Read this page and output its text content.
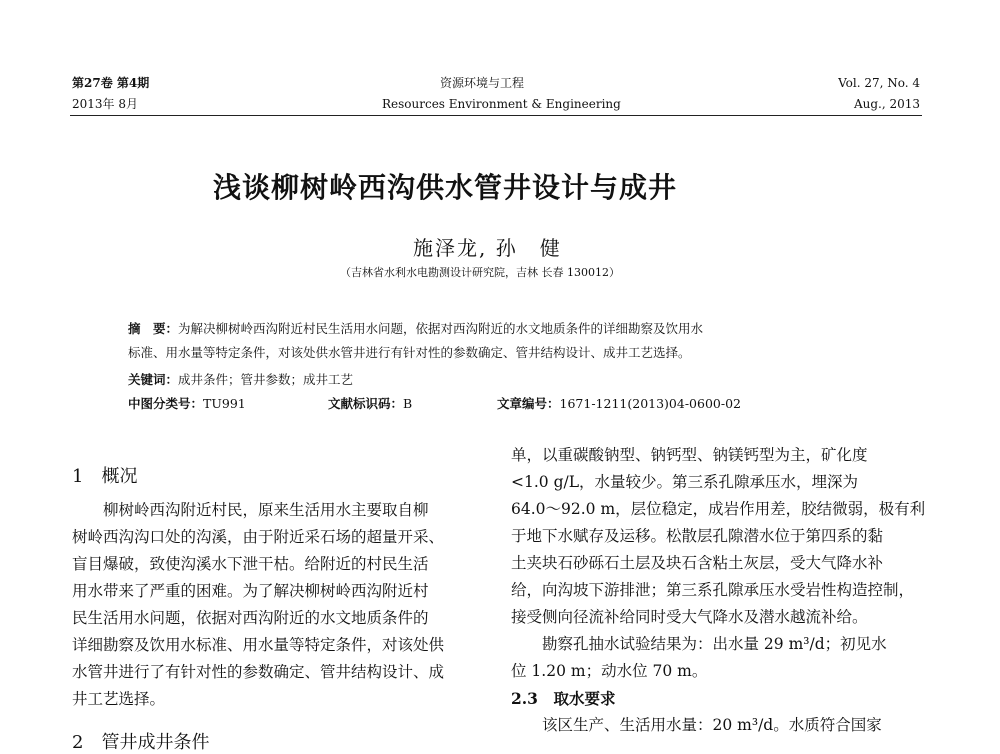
第27卷 第4期
2013年 8月
资源环境与工程
Resources Environment & Engineering
Vol. 27, No. 4
Aug., 2013
浅谈柳树岭西沟供水管井设计与成井
施泽龙, 孙　健
（吉林省水利水电勘测设计研究院，吉林 长春 130012）
摘　要：为解决柳树岭西沟附近村民生活用水问题，依据对西沟附近的水文地质条件的详细勘察及饮用水
标准、用水量等特定条件，对该处供水管井进行有针对性的参数确定、管井结构设计、成井工艺选择。
关键词：成井条件；管井参数；成井工艺
中图分类号：TU991	文献标识码：B	文章编号：1671-1211(2013)04-0600-02
1　概况

柳树岭西沟附近村民，原来生活用水主要取自柳

树岭西沟沟口处的沟溪，由于附近采石场的超量开采、

盲目爆破，致使沟溪水下泄干枯。给附近的村民生活

用水带来了严重的困难。为了解决柳树岭西沟附近村

民生活用水问题，依据对西沟附近的水文地质条件的

详细勘察及饮用水标准、用水量等特定条件，对该处供

水管井进行了有针对性的参数确定、管井结构设计、成

井工艺选择。

2　管井成井条件

单，以重碳酸钠型、钠钙型、钠镁钙型为主，矿化度

<1.0 g/L，水量较少。第三系孔隙承压水，埋深为

64.0～92.0 m，层位稳定，成岩作用差，胶结微弱，极有利

于地下水赋存及运移。松散层孔隙潜水位于第四系的黏

土夹块石砂砾石土层及块石含粘土灰层，受大气降水补

给，向沟坡下游排泄；第三系孔隙承压水受岩性构造控制，

接受侧向径流补给同时受大气降水及潜水越流补给。

　　勘察孔抽水试验结果为：出水量 29 m³/d；初见水

位 1.20 m；动水位 70 m。

2.3　取水要求

　　该区生产、生活用水量：20 m³/d。水质符合国家
